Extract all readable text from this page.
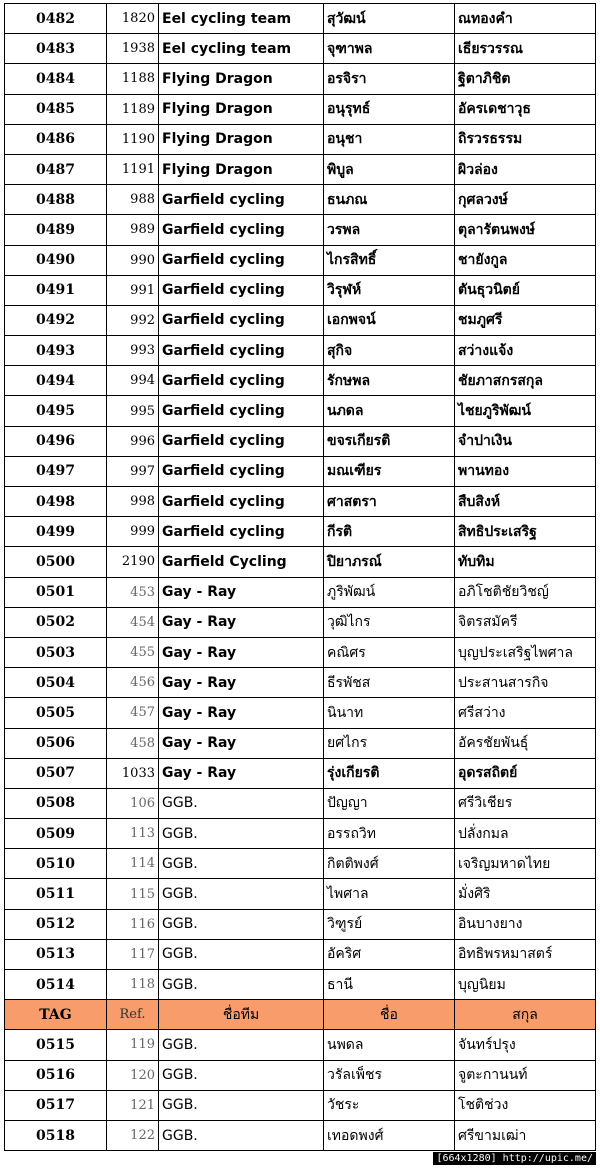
0482	1820	Eel cycling team	สุวัฒน์	ณทองคำ
0483	1938	Eel cycling team	จุฑาพล	เธียรวรรณ
0484	1188	Flying Dragon	อรจิรา	ฐิตาภิชิต
0485	1189	Flying Dragon	อนุรุทธ์	อัครเดชาวุธ
0486	1190	Flying Dragon	อนุชา	ถิรวรธรรม
0487	1191	Flying Dragon	พิบูล	ผิวล่อง
0488	988	Garfield cycling	ธนภณ	กุศลวงษ์
0489	989	Garfield cycling	วรพล	ตุลารัตนพงษ์
0490	990	Garfield cycling	ไกรสิทธิ์	ชายังกูล
0491	991	Garfield cycling	วิรุฬห์	ตันธุวนิตย์
0492	992	Garfield cycling	เอกพจน์	ชมภูศรี
0493	993	Garfield cycling	สุกิจ	สว่างแจ้ง
0494	994	Garfield cycling	รักษพล	ชัยภาสกรสกุล
0495	995	Garfield cycling	นภดล	ไชยภูริพัฒน์
0496	996	Garfield cycling	ขจรเกียรติ	จำปาเงิน
0497	997	Garfield cycling	มณเฑียร	พานทอง
0498	998	Garfield cycling	ศาสตรา	สืบสิงห์
0499	999	Garfield cycling	กีรติ	สิทธิประเสริฐ
0500	2190	Garfield Cycling	ปิยาภรณ์	ทับทิม
0501	453	Gay - Ray	ภูริพัฒน์	อภิโชติชัยวิชญ์
0502	454	Gay - Ray	วุฒิไกร	จิตรสมัครี
0503	455	Gay - Ray	คณิศร	บุญประเสริฐไพศาล
0504	456	Gay - Ray	ธีรพัชส	ประสานสารกิจ
0505	457	Gay - Ray	นินาท	ศรีสว่าง
0506	458	Gay - Ray	ยศไกร	อัครชัยพันธุ์
0507	1033	Gay - Ray	รุ่งเกียรติ	อุดรสถิตย์
0508	106	GGB.	ปัญญา	ศรีวิเชียร
0509	113	GGB.	อรรถวิท	ปลั่งกมล
0510	114	GGB.	กิตติพงศ์	เจริญมหาดไทย
0511	115	GGB.	ไพศาล	มั่งศิริ
0512	116	GGB.	วิฑูรย์	อินบางยาง
0513	117	GGB.	อัคริศ	อิทธิพรหมาสตร์
0514	118	GGB.	ธานี	บุญนิยม
TAG	Ref.	ชื่อทีม	ชื่อ	สกุล
0515	119	GGB.	นพดล	จันทร์ปรุง
0516	120	GGB.	วรัลเพ็ชร	จูตะกานนท์
0517	121	GGB.	วัชระ	โชติช่วง
0518	122	GGB.	เทอดพงศ์	ศรีขามเฒ่า
[664x1280] http://upic.me/
